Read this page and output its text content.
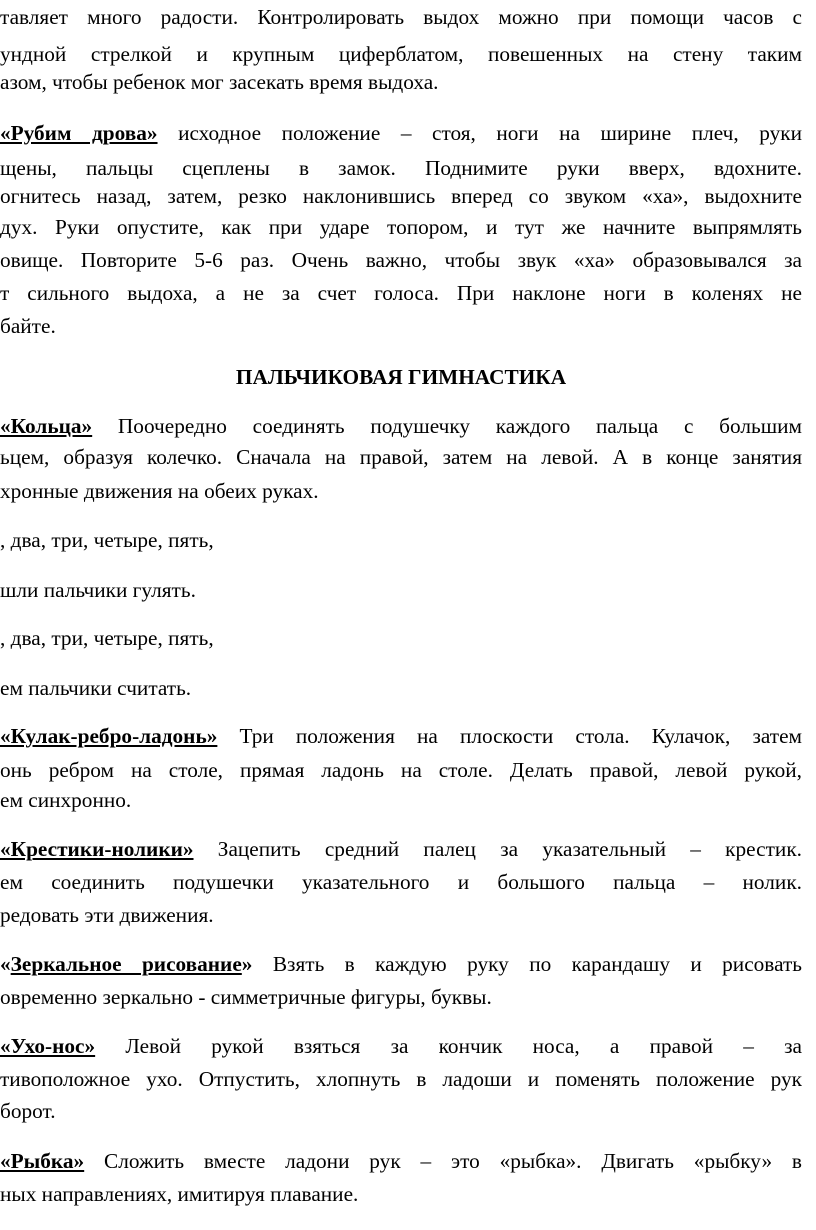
тавляет много радости. Контролировать выдох можно при помощи часов с
ундной стрелкой и крупным циферблатом, повешенных на стену таким
азом, чтобы ребенок мог засекать время выдоха.
«Рубим дрова» исходное положение – стоя, ноги на ширине плеч, руки
щены, пальцы сцеплены в замок. Поднимите руки вверх, вдохните.
огнитесь назад, затем, резко наклонившись вперед со звуком «ха», выдохните
дух. Руки опустите, как при ударе топором, и тут же начните выпрямлять
овище. Повторите 5-6 раз. Очень важно, чтобы звук «ха» образовывался за
т сильного выдоха, а не за счет голоса. При наклоне ноги в коленях не
байте.
ПАЛЬЧИКОВАЯ ГИМНАСТИКА
«Кольца» Поочередно соединять подушечку каждого пальца с большим
ьцем, образуя колечко. Сначала на правой, затем на левой. А в конце занятия
хронные движения на обеих руках.
, два, три, четыре, пять,
шли пальчики гулять.
, два, три, четыре, пять,
ем пальчики считать.
«Кулак-ребро-ладонь» Три положения на плоскости стола. Кулачок, затем
онь ребром на столе, прямая ладонь на столе. Делать правой, левой рукой,
ем синхронно.
«Крестики-нолики» Зацепить средний палец за указательный – крестик.
ем соединить подушечки указательного и большого пальца – нолик.
редовать эти движения.
«Зеркальное рисование» Взять в каждую руку по карандашу и рисовать
овременно зеркально - симметричные фигуры, буквы.
«Ухо-нос» Левой рукой взяться за кончик носа, а правой – за
тивоположное ухо. Отпустить, хлопнуть в ладоши и поменять положение рук
борот.
«Рыбка» Сложить вместе ладони рук – это «рыбка». Двигать «рыбку» в
ных направлениях, имитируя плавание.
